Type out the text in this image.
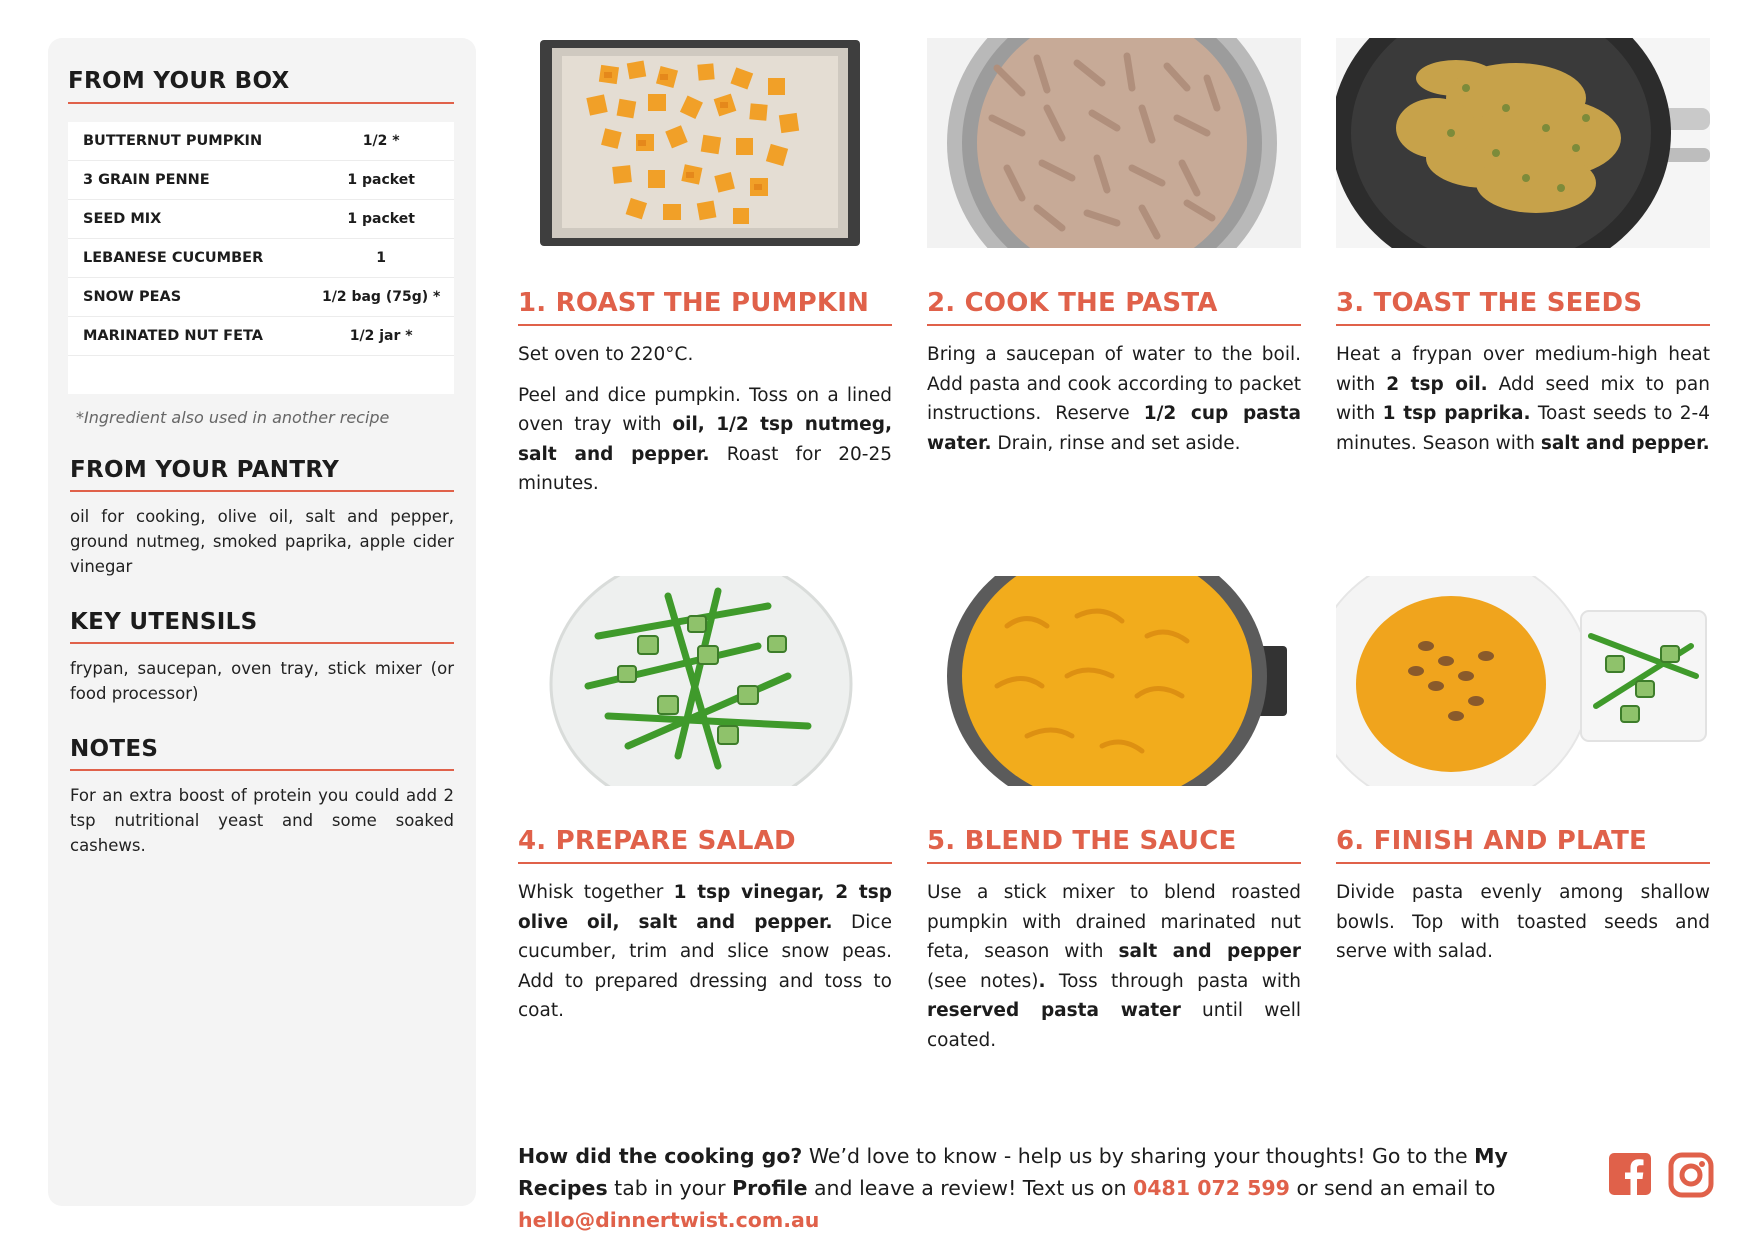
FROM YOUR BOX
BUTTERNUT PUMPKIN	1/2 *
3 GRAIN PENNE	1 packet
SEED MIX	1 packet
LEBANESE CUCUMBER	1
SNOW PEAS	1/2 bag (75g) *
MARINATED NUT FETA	1/2 jar *
*Ingredient also used in another recipe
FROM YOUR PANTRY

oil for cooking, olive oil, salt and pepper, ground nutmeg, smoked paprika, apple cider vinegar

KEY UTENSILS

frypan, saucepan, oven tray, stick mixer (or food processor)

NOTES

For an extra boost of protein you could add 2 tsp nutritional yeast and some soaked cashews.

1. ROAST THE PUMPKIN

Set oven to 220°C.

Peel and dice pumpkin. Toss on a lined oven tray with oil, 1/2 tsp nutmeg, salt and pepper. Roast for 20-25 minutes.

2. COOK THE PASTA

Bring a saucepan of water to the boil. Add pasta and cook according to packet instructions. Reserve 1/2 cup pasta water. Drain, rinse and set aside.

3. TOAST THE SEEDS

Heat a frypan over medium-high heat with 2 tsp oil. Add seed mix to pan with 1 tsp paprika. Toast seeds to 2-4 minutes. Season with salt and pepper.

4. PREPARE SALAD

Whisk together 1 tsp vinegar, 2 tsp olive oil, salt and pepper. Dice cucumber, trim and slice snow peas. Add to prepared dressing and toss to coat.

5. BLEND THE SAUCE

Use a stick mixer to blend roasted pumpkin with drained marinated nut feta, season with salt and pepper (see notes). Toss through pasta with reserved pasta water until well coated.

6. FINISH AND PLATE

Divide pasta evenly among shallow bowls. Top with toasted seeds and serve with salad.

How did the cooking go? We’d love to know - help us by sharing your thoughts! Go to the My Recipes tab in your Profile and leave a review! Text us on 0481 072 599 or send an email to hello@dinnertwist.com.au
